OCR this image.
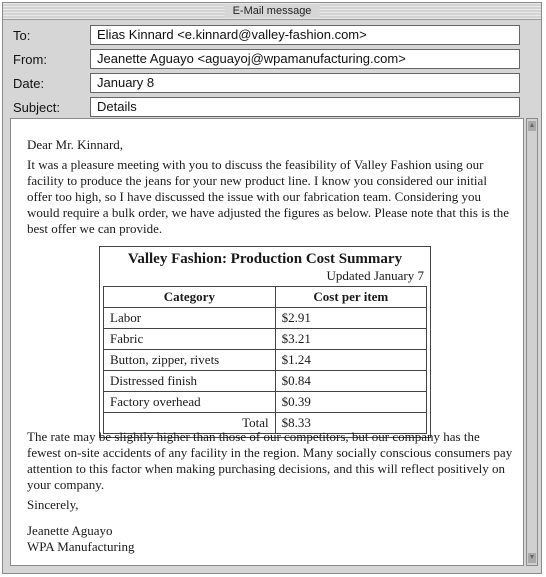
E-Mail message
To:	Elias Kinnard <e.kinnard@valley-fashion.com>
From:	Jeanette Aguayo <aguayoj@wpamanufacturing.com>
Date:	January 8
Subject:	Details

Dear Mr. Kinnard,

It was a pleasure meeting with you to discuss the feasibility of Valley Fashion using our facility to produce the jeans for your new product line. I know you considered our initial offer too high, so I have discussed the issue with our fabrication team. Considering you would require a bulk order, we have adjusted the figures as below. Please note that this is the best offer we can provide.

Valley Fashion: Production Cost Summary
Updated January 7
Category	Cost per item
Labor	$2.91
Fabric	$3.21
Button, zipper, rivets	$1.24
Distressed finish	$0.84
Factory overhead	$0.39
Total	$8.33

The rate may be slightly higher than those of our competitors, but our company has the fewest on-site accidents of any facility in the region. Many socially conscious consumers pay attention to this factor when making purchasing decisions, and this will reflect positively on your company.

Sincerely,

Jeanette Aguayo

WPA Manufacturing

▲
▼
